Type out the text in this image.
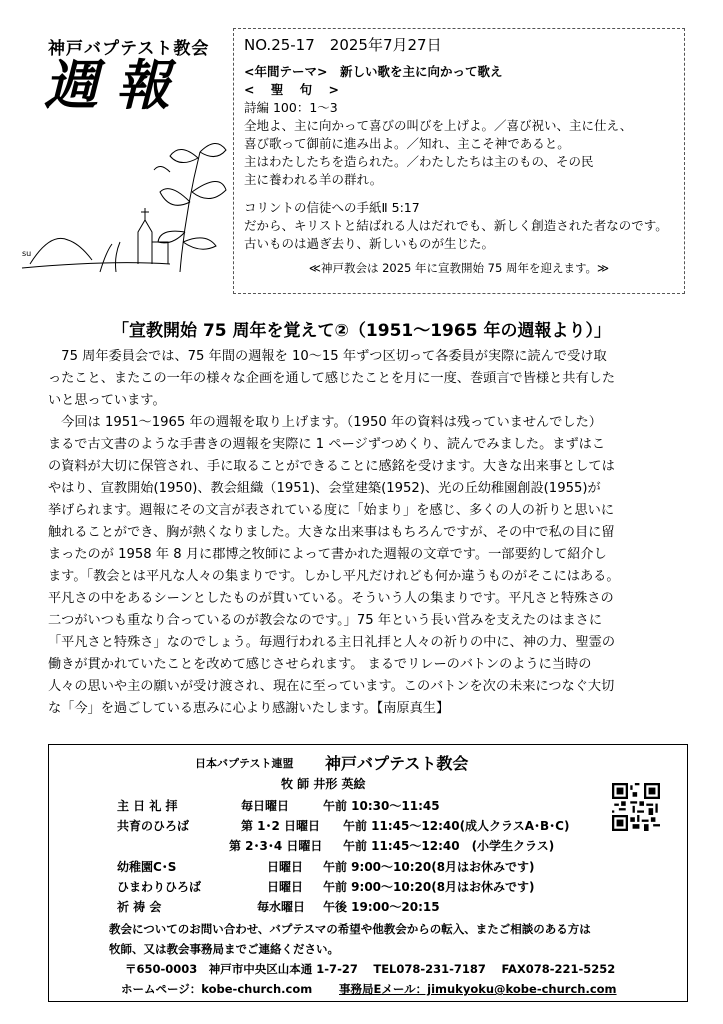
神戸バプテスト教会
週報
su
NO.25-17　2025年7月27日
<年間テーマ>　新しい歌を主に向かって歌え
< 聖 句 >
詩編 100：1～3
全地よ、主に向かって喜びの叫びを上げよ。／喜び祝い、主に仕え、
喜び歌って御前に進み出よ。／知れ、主こそ神であると。
主はわたしたちを造られた。／わたしたちは主のもの、その民
主に養われる羊の群れ。
コリントの信徒への手紙Ⅱ 5:17
だから、キリストと結ばれる人はだれでも、新しく創造された者なのです。
古いものは過ぎ去り、新しいものが生じた。
≪神戸教会は 2025 年に宣教開始 75 周年を迎えます。≫
「宣教開始 75 周年を覚えて②（1951～1965 年の週報より）」

　75 周年委員会では、75 年間の週報を 10～15 年ずつ区切って各委員が実際に読んで受け取

ったこと、またこの一年の様々な企画を通して感じたことを月に一度、巻頭言で皆様と共有した

いと思っています。

　今回は 1951～1965 年の週報を取り上げます。（1950 年の資料は残っていませんでした）

まるで古文書のような手書きの週報を実際に 1 ページずつめくり、読んでみました。まずはこ

の資料が大切に保管され、手に取ることができることに感銘を受けます。大きな出来事としては

やはり、宣教開始(1950)、教会組織（1951)、会堂建築(1952)、光の丘幼稚園創設(1955)が

挙げられます。週報にその文言が表されている度に「始まり」を感じ、多くの人の祈りと思いに

触れることができ、胸が熱くなりました。大きな出来事はもちろんですが、その中で私の目に留

まったのが 1958 年 8 月に郡博之牧師によって書かれた週報の文章です。一部要約して紹介し

ます。「教会とは平凡な人々の集まりです。しかし平凡だけれども何か違うものがそこにはある。

平凡さの中をあるシーンとしたものが貫いている。そういう人の集まりです。平凡さと特殊さの

二つがいつも重なり合っているのが教会なのです。」75 年という長い営みを支えたのはまさに

「平凡さと特殊さ」なのでしょう。毎週行われる主日礼拝と人々の祈りの中に、神の力、聖霊の

働きが貫かれていたことを改めて感じさせられます。 まるでリレーのバトンのように当時の

人々の思いや主の願いが受け渡され、現在に至っています。このバトンを次の未来につなぐ大切

な「今」を過ごしている恵みに心より感謝いたします。【南原真生】

日本バプテスト連盟 神戸バプテスト教会
牧 師 井形 英絵
主 日 礼 拝	毎日曜日	午前 10:30～11:45
共育のひろば	第 1･2 日曜日 午前 11:45～12:40(成人クラスA･B･C)
第 2･3･4 日曜日 午前 11:45～12:40　(小学生クラス)
幼稚園C･S	日曜日 午前 9:00～10:20(8月はお休みです)
ひまわりひろば	日曜日 午前 9:00～10:20(8月はお休みです)
祈 祷 会	毎水曜日 午後 19:00～20:15
教会についてのお問い合わせ、バプテスマの希望や他教会からの転入、またご相談のある方は
牧師、又は教会事務局までご連絡ください。
〒650-0003　神戸市中央区山本通 1-7-27　 TEL078-231-7187　 FAX078-221-5252
ホームページ：kobe-church.com 事務局Eメール：jimukyoku@kobe-church.com
